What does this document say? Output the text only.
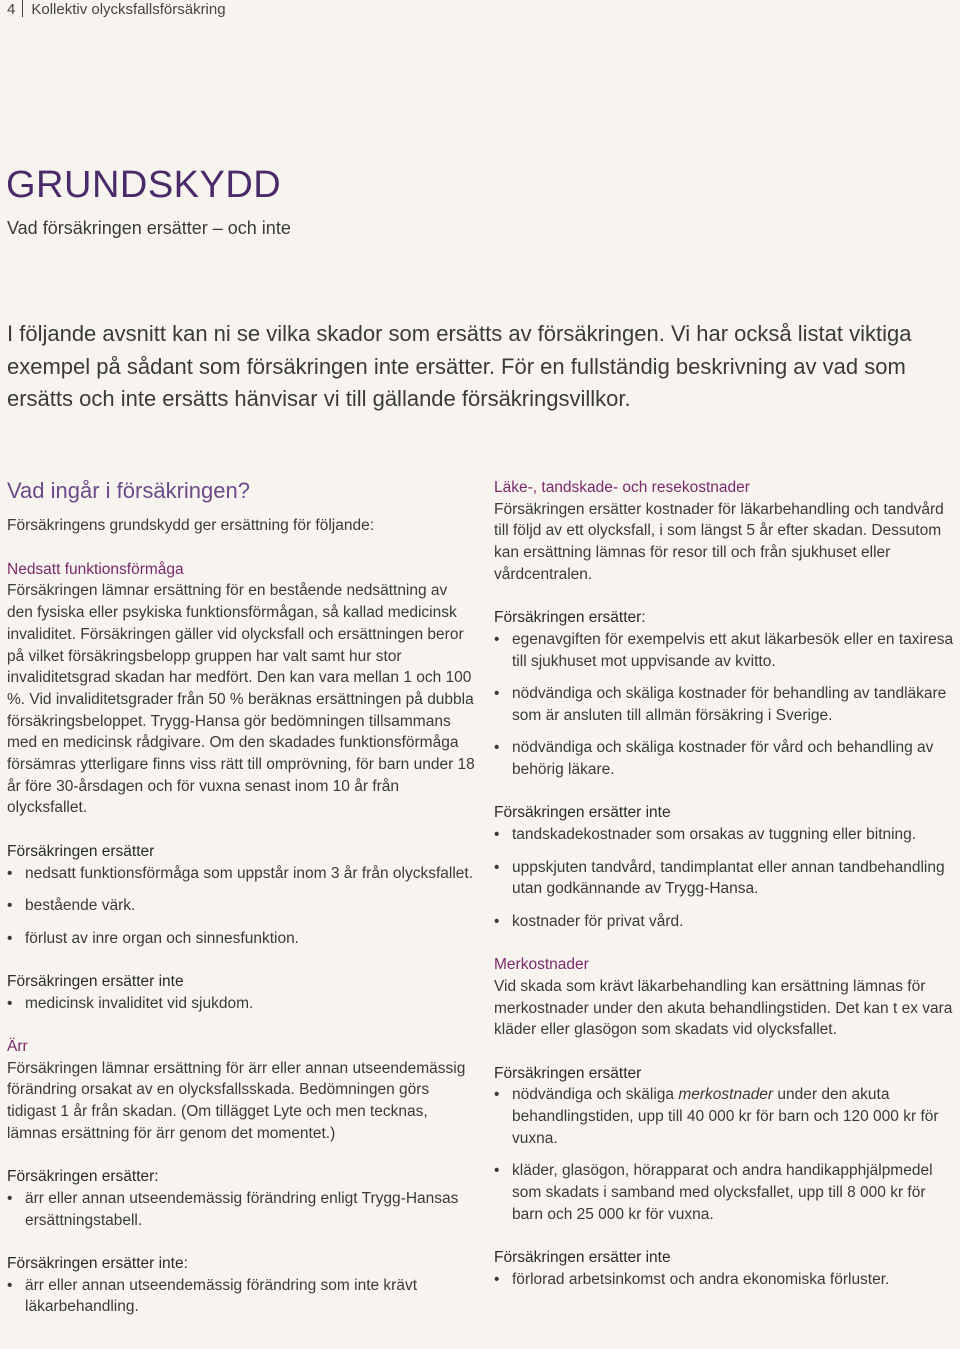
4 Kollektiv olycksfallsförsäkring
GRUNDSKYDD
Vad försäkringen ersätter – och inte
I följande avsnitt kan ni se vilka skador som ersätts av försäkringen. Vi har också listat viktiga exempel på sådant som försäkringen inte ersätter. För en fullständig beskrivning av vad som ersätts och inte ersätts hänvisar vi till gällande försäkringsvillkor.
Vad ingår i försäkringen?

Försäkringens grundskydd ger ersättning för följande:

Nedsatt funktionsförmåga

Försäkringen lämnar ersättning för en bestående nedsättning av den fysiska eller psykiska funktionsförmågan, så kallad medicinsk invaliditet. Försäkringen gäller vid olycksfall och ersättningen beror på vilket försäkringsbelopp gruppen har valt samt hur stor invaliditetsgrad skadan har medfört. Den kan vara mellan 1 och 100 %. Vid invaliditetsgrader från 50 % beräknas ersättningen på dubbla försäkringsbeloppet. Trygg-Hansa gör bedömningen tillsammans med en medicinsk rådgivare. Om den skadades funktionsförmåga försämras ytterligare finns viss rätt till omprövning, för barn under 18 år före 30-årsdagen och för vuxna senast inom 10 år från olycksfallet.

Försäkringen ersätter
• nedsatt funktionsförmåga som uppstår inom 3 år från olycksfallet.
• bestående värk.
• förlust av inre organ och sinnesfunktion.
Försäkringen ersätter inte
• medicinsk invaliditet vid sjukdom.
Ärr

Försäkringen lämnar ersättning för ärr eller annan utseendemässig förändring orsakat av en olycksfallsskada. Bedömningen görs tidigast 1 år från skadan. (Om tillägget Lyte och men tecknas, lämnas ersättning för ärr genom det momentet.)

Försäkringen ersätter:
• ärr eller annan utseendemässig förändring enligt Trygg-Hansas ersättningstabell.
Försäkringen ersätter inte:
• ärr eller annan utseendemässig förändring som inte krävt läkarbehandling.
Läke-, tandskade- och resekostnader

Försäkringen ersätter kostnader för läkarbehandling och tandvård till följd av ett olycksfall, i som längst 5 år efter skadan. Dessutom kan ersättning lämnas för resor till och från sjukhuset eller vårdcentralen.

Försäkringen ersätter:
• egenavgiften för exempelvis ett akut läkarbesök eller en taxiresa till sjukhuset mot uppvisande av kvitto.
• nödvändiga och skäliga kostnader för behandling av tandläkare som är ansluten till allmän försäkring i Sverige.
• nödvändiga och skäliga kostnader för vård och behandling av behörig läkare.
Försäkringen ersätter inte
• tandskadekostnader som orsakas av tuggning eller bitning.
• uppskjuten tandvård, tandimplantat eller annan tandbehandling utan godkännande av Trygg-Hansa.
• kostnader för privat vård.
Merkostnader

Vid skada som krävt läkarbehandling kan ersättning lämnas för merkostnader under den akuta behandlingstiden. Det kan t ex vara kläder eller glasögon som skadats vid olycksfallet.

Försäkringen ersätter
• nödvändiga och skäliga merkostnader under den akuta behandlingstiden, upp till 40 000 kr för barn och 120 000 kr för vuxna.
• kläder, glasögon, hörapparat och andra handikapphjälpmedel som skadats i samband med olycksfallet, upp till 8 000 kr för barn och 25 000 kr för vuxna.
Försäkringen ersätter inte
• förlorad arbetsinkomst och andra ekonomiska förluster.
